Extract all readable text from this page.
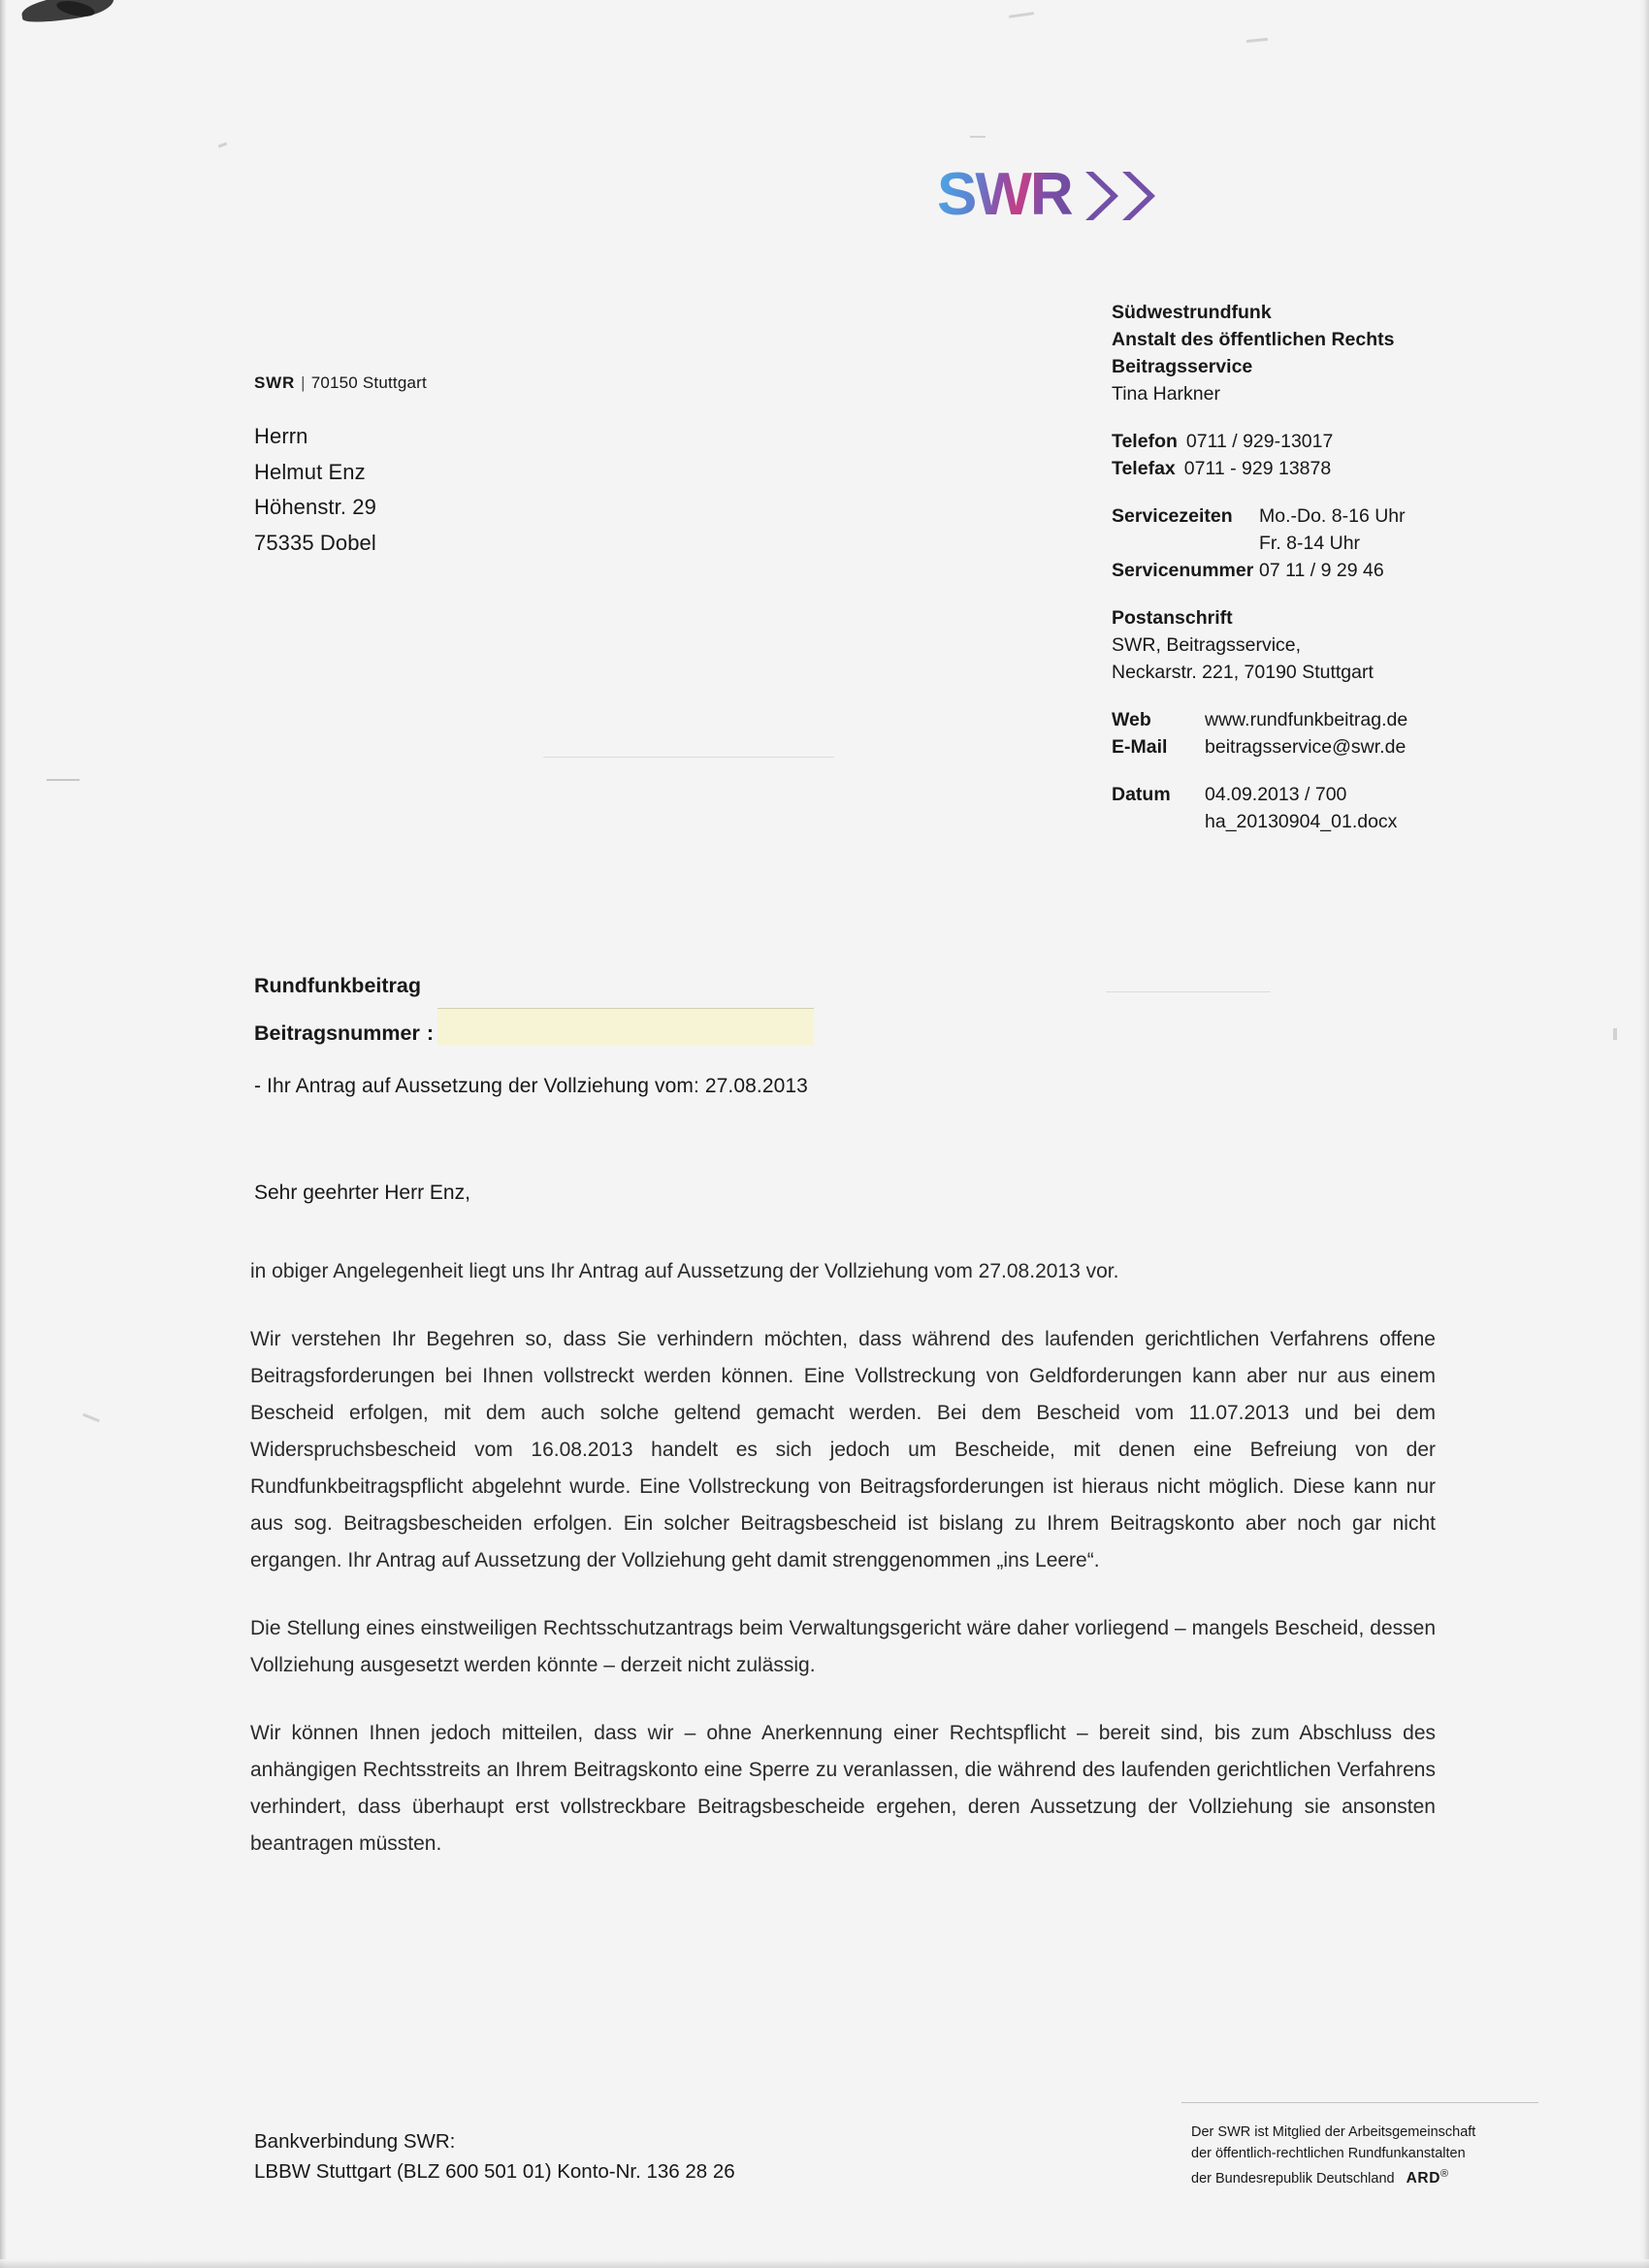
SWR
Südwestrundfunk
Anstalt des öffentlichen Rechts
Beitragsservice
Tina Harkner
Telefon 0711 / 929-13017
Telefax 0711 - 929 13878
Servicezeiten	Mo.-Do. 8-16 Uhr
Fr. 8-14 Uhr
Servicenummer 07 11 / 9 29 46
Postanschrift
SWR, Beitragsservice,
Neckarstr. 221, 70190 Stuttgart
Web	www.rundfunkbeitrag.de
E-Mail	beitragsservice@swr.de
Datum	04.09.2013 / 700
ha_20130904_01.docx
SWR | 70150 Stuttgart
Herrn
Helmut Enz
Höhenstr. 29
75335 Dobel
Rundfunkbeitrag
Beitragsnummer :
- Ihr Antrag auf Aussetzung der Vollziehung vom: 27.08.2013
Sehr geehrter Herr Enz,

in obiger Angelegenheit liegt uns Ihr Antrag auf Aussetzung der Vollziehung vom 27.08.2013 vor.

Wir verstehen Ihr Begehren so, dass Sie verhindern möchten, dass während des laufenden gerichtlichen Verfahrens offene Beitragsforderungen bei Ihnen vollstreckt werden können. Eine Vollstreckung von Geldforderungen kann aber nur aus einem Bescheid erfolgen, mit dem auch solche geltend gemacht werden. Bei dem Bescheid vom 11.07.2013 und bei dem Widerspruchsbescheid vom 16.08.2013 handelt es sich jedoch um Bescheide, mit denen eine Befreiung von der Rundfunkbeitragspflicht abgelehnt wurde. Eine Vollstreckung von Beitragsforderungen ist hieraus nicht möglich. Diese kann nur aus sog. Beitragsbescheiden erfolgen. Ein solcher Beitragsbescheid ist bislang zu Ihrem Beitragskonto aber noch gar nicht ergangen. Ihr Antrag auf Aussetzung der Vollziehung geht damit strenggenommen „ins Leere“.

Die Stellung eines einstweiligen Rechtsschutzantrags beim Verwaltungsgericht wäre daher vorliegend – mangels Bescheid, dessen Vollziehung ausgesetzt werden könnte – derzeit nicht zulässig.

Wir können Ihnen jedoch mitteilen, dass wir – ohne Anerkennung einer Rechtspflicht – bereit sind, bis zum Abschluss des anhängigen Rechtsstreits an Ihrem Beitragskonto eine Sperre zu veranlassen, die während des laufenden gerichtlichen Verfahrens verhindert, dass überhaupt erst vollstreckbare Beitragsbescheide ergehen, deren Aussetzung der Vollziehung sie ansonsten beantragen müssten.

Bankverbindung SWR:
LBBW Stuttgart (BLZ 600 501 01) Konto-Nr. 136 28 26
Der SWR ist Mitglied der Arbeitsgemeinschaft
der öffentlich-rechtlichen Rundfunkanstalten
der Bundesrepublik Deutschland ARD®
